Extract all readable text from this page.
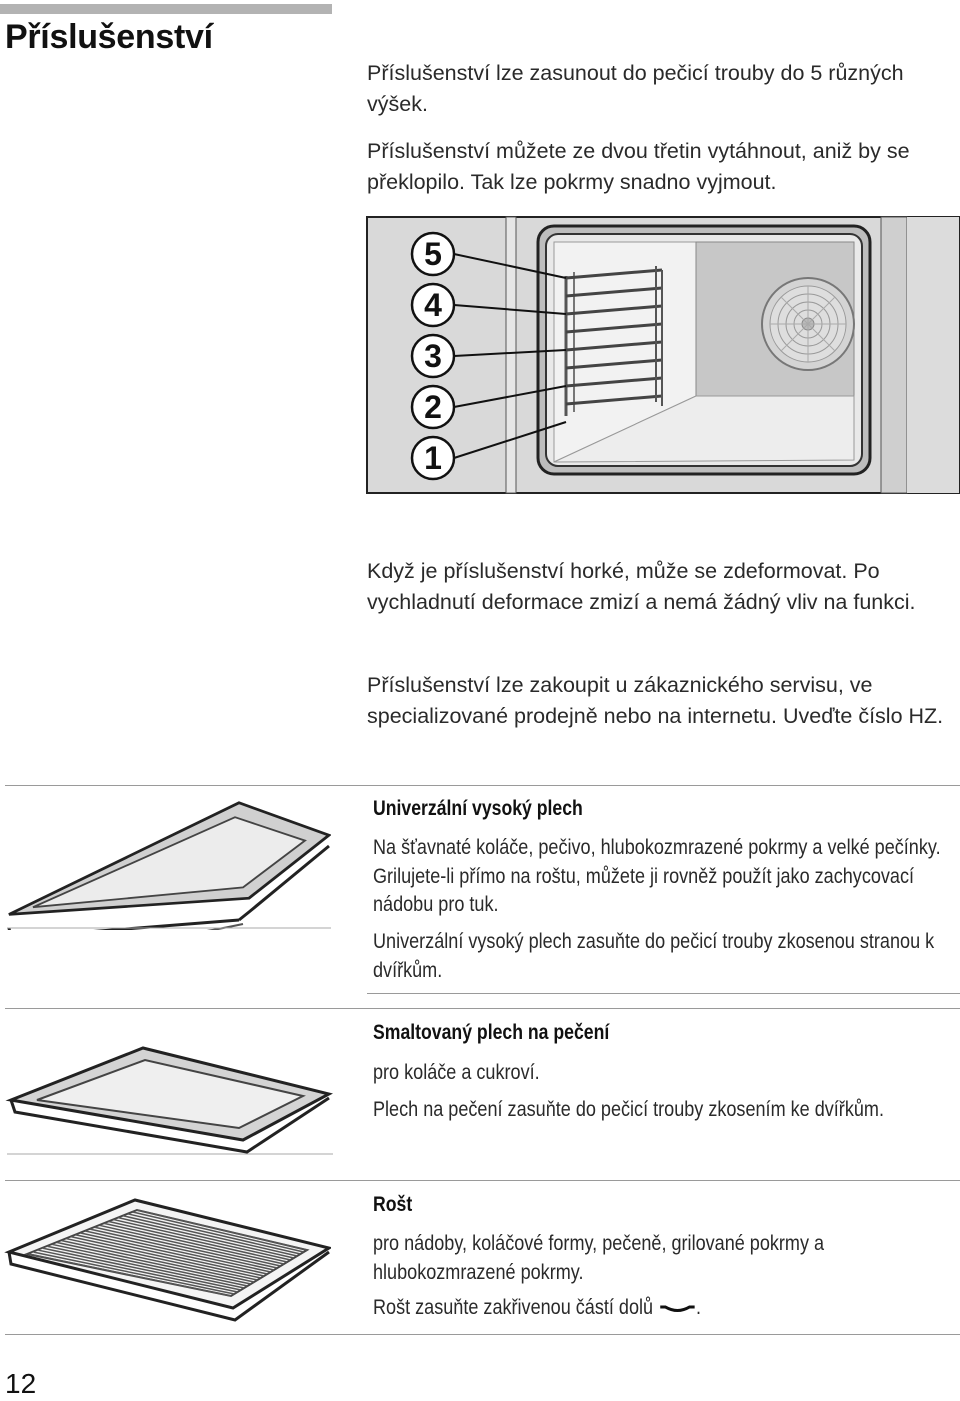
Příslušenství

Příslušenství lze zasunout do pečicí trouby do 5 různých výšek.

Příslušenství můžete ze dvou třetin vytáhnout, aniž by se překlopilo. Tak lze pokrmy snadno vyjmout.

5
4
3
2
1

Když je příslušenství horké, může se zdeformovat. Po vychladnutí deformace zmizí a nemá žádný vliv na funkci.

Příslušenství lze zakoupit u zákaznického servisu, ve specializované prodejně nebo na internetu. Uveďte číslo HZ.

Univerzální vysoký plech

Na šťavnaté koláče, pečivo, hlubokozmrazené pokrmy a velké pečínky. Grilujete-li přímo na roštu, můžete ji rovněž použít jako zachycovací nádobu pro tuk.

Univerzální vysoký plech zasuňte do pečicí trouby zkosenou stranou k dvířkům.

Smaltovaný plech na pečení

pro koláče a cukroví.

Plech na pečení zasuňte do pečicí trouby zkosením ke dvířkům.

Rošt

pro nádoby, koláčové formy, pečeně, grilované pokrmy a hlubokozmrazené pokrmy.

Rošt zasuňte zakřivenou částí dolů .

12
